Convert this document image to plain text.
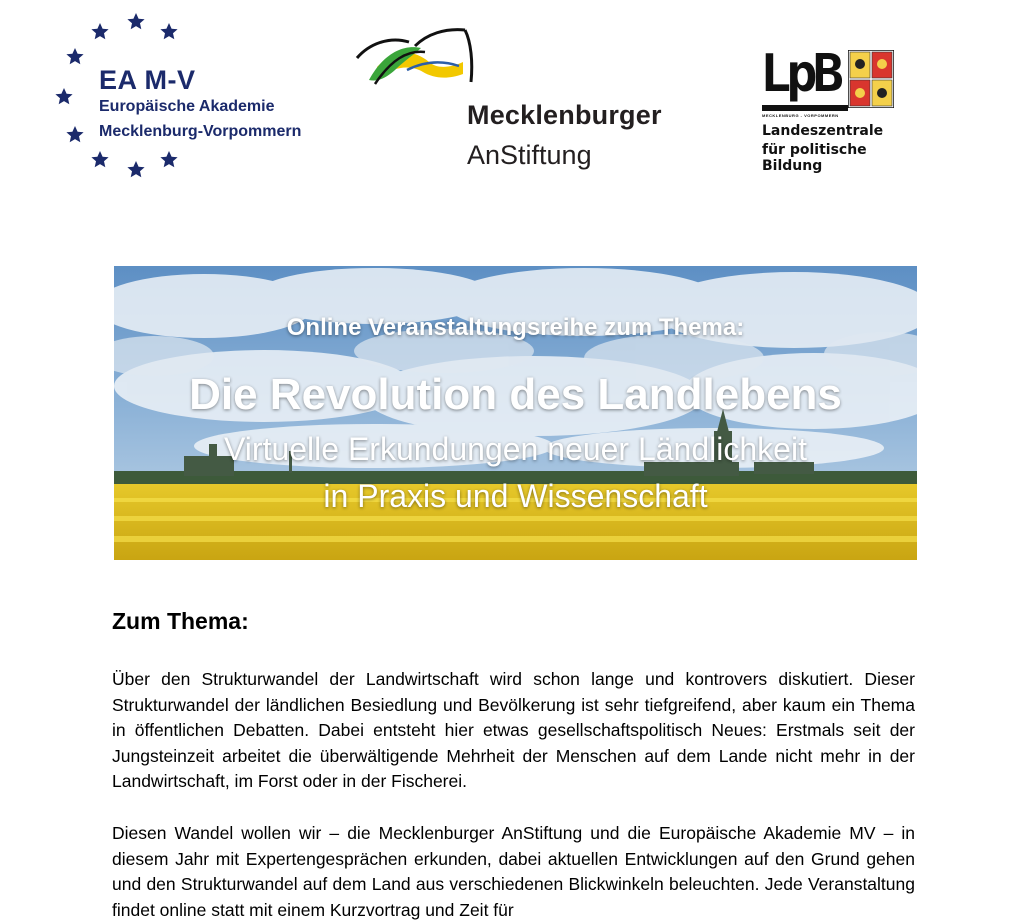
EA M-V
Europäische Akademie
Mecklenburg-Vorpommern
Mecklenburger
AnStiftung
LpB
MECKLENBURG - VORPOMMERN
Landeszentrale
für politische Bildung
Online Veranstaltungsreihe zum Thema:
Die Revolution des Landlebens
Virtuelle Erkundungen neuer Ländlichkeit
in Praxis und Wissenschaft
Zum Thema:
Über den Strukturwandel der Landwirtschaft wird schon lange und kontrovers diskutiert. Dieser Strukturwandel der ländlichen Besiedlung und Bevölkerung ist sehr tiefgreifend, aber kaum ein Thema in öffentlichen Debatten. Dabei entsteht hier etwas gesellschaftspolitisch Neues: Erstmals seit der Jungsteinzeit arbeitet die überwältigende Mehrheit der Menschen auf dem Lande nicht mehr in der Landwirtschaft, im Forst oder in der Fischerei.
Diesen Wandel wollen wir – die Mecklenburger AnStiftung und die Europäische Akademie MV – in diesem Jahr mit Expertengesprächen erkunden, dabei aktuellen Entwicklungen auf den Grund gehen und den Strukturwandel auf dem Land aus verschiedenen Blickwinkeln beleuchten. Jede Veranstaltung findet online statt mit einem Kurzvortrag und Zeit für
